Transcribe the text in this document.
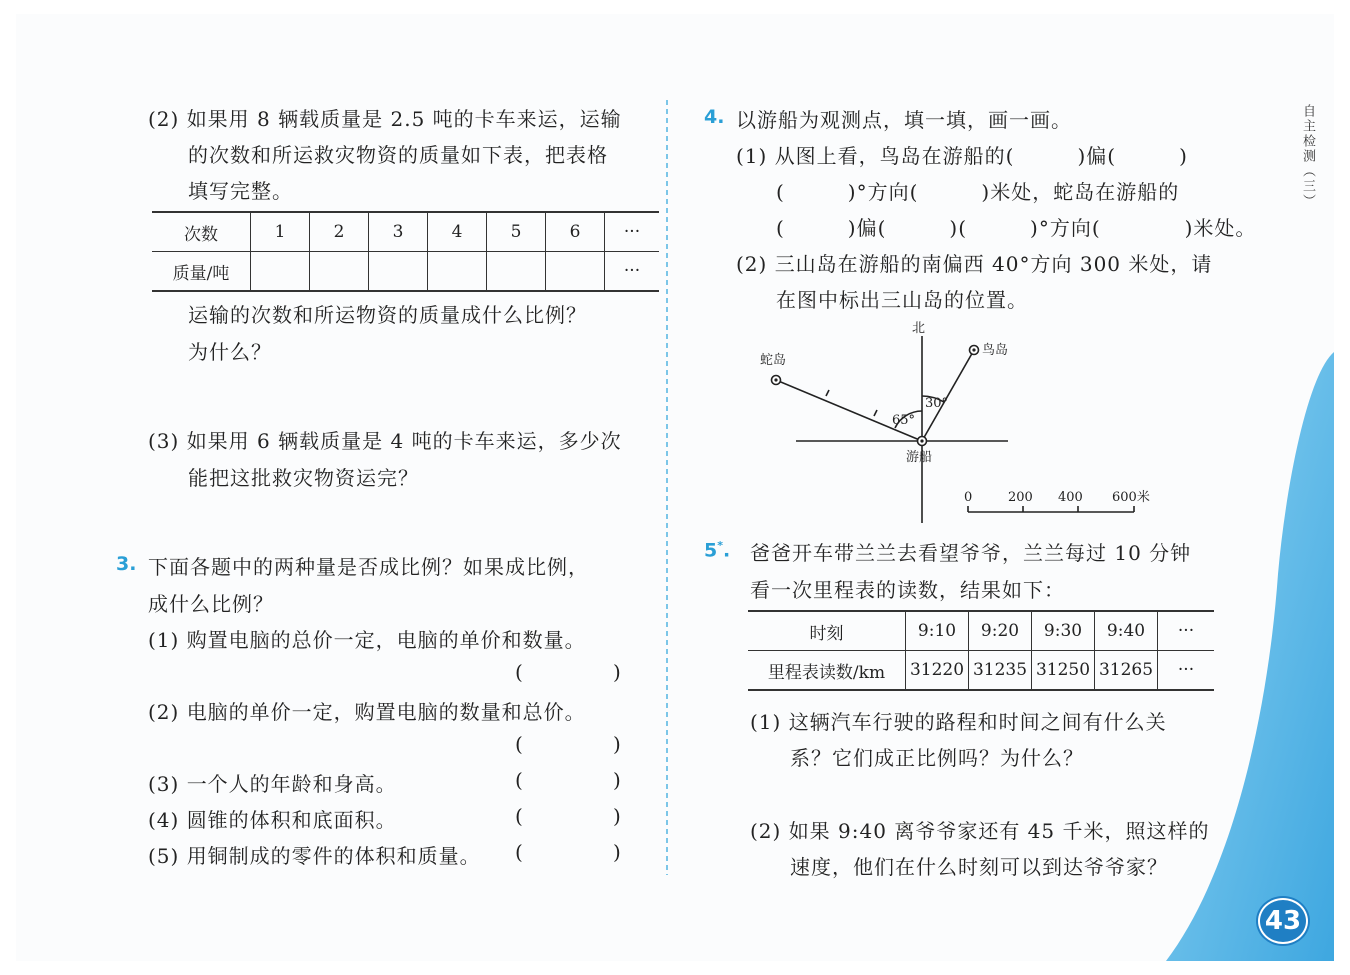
自主检测（三）
(2) 如果用 8 辆载质量是 2.5 吨的卡车来运，运输
的次数和所运救灾物资的质量如下表，把表格
填写完整。
次数	1	2	3	4	5	6	···
质量/吨							···
运输的次数和所运物资的质量成什么比例？
为什么？
(3) 如果用 6 辆载质量是 4 吨的卡车来运，多少次
能把这批救灾物资运完？
3. 下面各题中的两种量是否成比例？如果成比例，
成什么比例？
(1) 购置电脑的总价一定，电脑的单价和数量。
(	)
(2) 电脑的单价一定，购置电脑的数量和总价。
(	)
(3) 一个人的年龄和身高。	(	)
(4) 圆锥的体积和底面积。	(	)
(5) 用铜制成的零件的体积和质量。 (	)
4. 以游船为观测点，填一填，画一画。
(1) 从图上看，鸟岛在游船的(　　　)偏(　　　)
(　　　)°方向(　　　)米处，蛇岛在游船的
(　　　)偏(　　　)(　　　)°方向(　　　　)米处。
(2) 三山岛在游船的南偏西 40°方向 300 米处，请
在图中标出三山岛的位置。
北
蛇岛
鸟岛
游船
30°
65°
0	200 400 600米
5*. 爸爸开车带兰兰去看望爷爷，兰兰每过 10 分钟
看一次里程表的读数，结果如下：
时刻	9:10	9:20	9:30	9:40	···
里程表读数/km	31220	31235	31250	31265	···
(1) 这辆汽车行驶的路程和时间之间有什么关
系？它们成正比例吗？为什么？
(2) 如果 9:40 离爷爷家还有 45 千米，照这样的
速度，他们在什么时刻可以到达爷爷家？
43
